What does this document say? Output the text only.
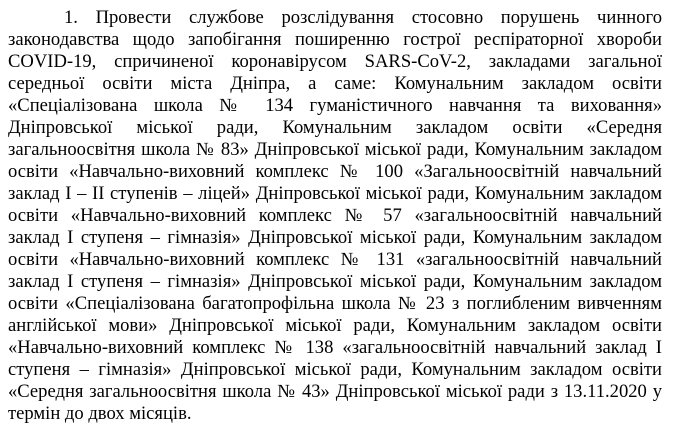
1. Провести службове розслідування стосовно порушень чинного
законодавства щодо запобігання поширенню гострої респіраторної хвороби
COVID-19, спричиненої коронавірусом SARS-CoV-2, закладами загальної
середньої освіти міста Дніпра, а саме: Комунальним закладом освіти
«Спеціалізована школа № 134 гуманістичного навчання та виховання»
Дніпровської міської ради, Комунальним закладом освіти «Середня
загальноосвітня школа № 83» Дніпровської міської ради, Комунальним закладом
освіти «Навчально-виховний комплекс № 100 «Загальноосвітній навчальний
заклад I – II ступенів – ліцей» Дніпровської міської ради, Комунальним закладом
освіти «Навчально-виховний комплекс № 57 «загальноосвітній навчальний
заклад I ступеня – гімназія» Дніпровської міської ради, Комунальним закладом
освіти «Навчально-виховний комплекс № 131 «загальноосвітній навчальний
заклад I ступеня – гімназія» Дніпровської міської ради, Комунальним закладом
освіти «Спеціалізована багатопрофільна школа № 23 з поглибленим вивченням
англійської мови» Дніпровської міської ради, Комунальним закладом освіти
«Навчально-виховний комплекс № 138 «загальноосвітній навчальний заклад I
ступеня – гімназія» Дніпровської міської ради, Комунальним закладом освіти
«Середня загальноосвітня школа № 43» Дніпровської міської ради з 13.11.2020 у
термін до двох місяців.
